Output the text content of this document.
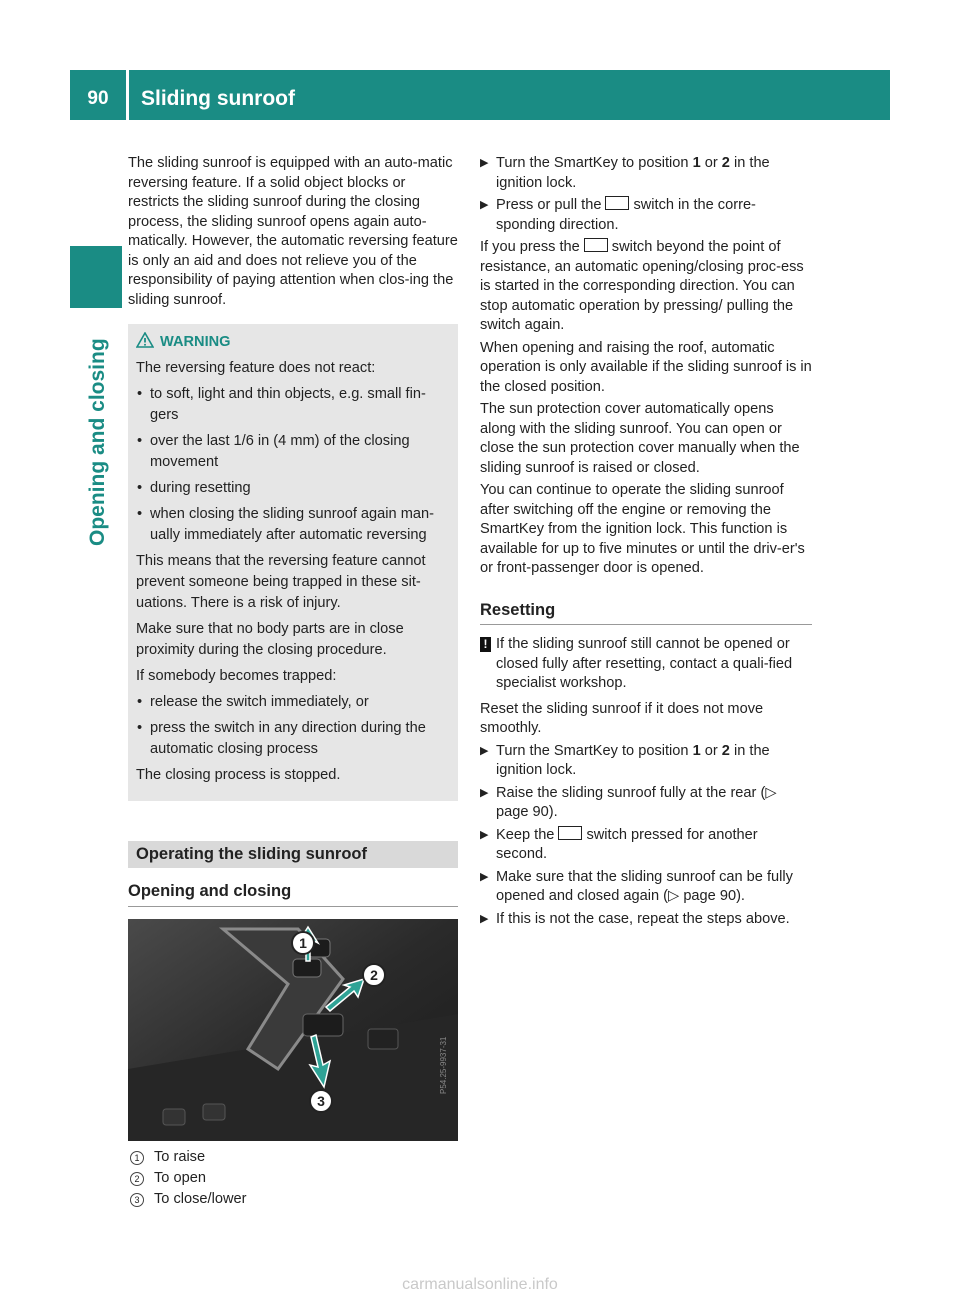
90	Sliding sunroof
Opening and closing

The sliding sunroof is equipped with an auto-matic reversing feature. If a solid object blocks or restricts the sliding sunroof during the closing process, the sliding sunroof opens again auto-matically. However, the automatic reversing feature is only an aid and does not relieve you of the responsibility of paying attention when clos-ing the sliding sunroof.

WARNING

The reversing feature does not react:

• to soft, light and thin objects, e.g. small fin-gers
• over the last 1/6 in (4 mm) of the closing movement
• during resetting
• when closing the sliding sunroof again man-ually immediately after automatic reversing

This means that the reversing feature cannot prevent someone being trapped in these sit-uations. There is a risk of injury.

Make sure that no body parts are in close proximity during the closing procedure.

If somebody becomes trapped:

• release the switch immediately, or
• press the switch in any direction during the automatic closing process

The closing process is stopped.

Operating the sliding sunroof
Opening and closing
1
2
3
P54.25-9937-31
1 To raise
2 To open
3 To close/lower
▶ Turn the SmartKey to position 1 or 2 in the ignition lock.
▶ Press or pull the switch in the corre-sponding direction.

If you press the switch beyond the point of resistance, an automatic opening/closing proc-ess is started in the corresponding direction. You can stop automatic operation by pressing/ pulling the switch again.

When opening and raising the roof, automatic operation is only available if the sliding sunroof is in the closed position.

The sun protection cover automatically opens along with the sliding sunroof. You can open or close the sun protection cover manually when the sliding sunroof is raised or closed.

You can continue to operate the sliding sunroof after switching off the engine or removing the SmartKey from the ignition lock. This function is available for up to five minutes or until the driv-er's or front-passenger door is opened.

Resetting
! If the sliding sunroof still cannot be opened or closed fully after resetting, contact a quali-fied specialist workshop.

Reset the sliding sunroof if it does not move smoothly.

▶ Turn the SmartKey to position 1 or 2 in the ignition lock.
▶ Raise the sliding sunroof fully at the rear (▷ page 90).
▶ Keep the switch pressed for another second.
▶ Make sure that the sliding sunroof can be fully opened and closed again (▷ page 90).
▶ If this is not the case, repeat the steps above.
carmanualsonline.info
